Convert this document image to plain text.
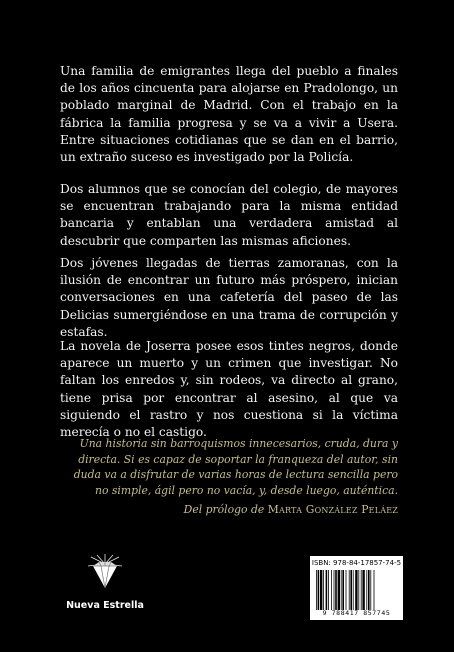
Una familia de emigrantes llega del pueblo a finales de los años cincuenta para alojarse en Pradolongo, un poblado marginal de Madrid. Con el trabajo en la fábrica la familia progresa y se va a vivir a Usera. Entre situaciones cotidianas que se dan en el barrio, un extraño suceso es investigado por la Policía.

Dos alumnos que se conocían del colegio, de mayores se encuentran trabajando para la misma entidad bancaria y entablan una verdadera amistad al descubrir que comparten las mismas aficiones.

Dos jóvenes llegadas de tierras zamoranas, con la ilusión de encontrar un futuro más próspero, inician conversaciones en una cafetería del paseo de las Delicias sumergiéndose en una trama de corrupción y estafas.

La novela de Joserra posee esos tintes negros, donde aparece un muerto y un crimen que investigar. No faltan los enredos y, sin rodeos, va directo al grano, tiene prisa por encontrar al asesino, al que va siguiendo el rastro y nos cuestiona si la víctima merecía o no el castigo.

Una historia sin barroquismos innecesarios, cruda, dura y directa. Si es capaz de soportar la franqueza del autor, sin duda va a disfrutar de varias horas de lectura sencilla pero no simple, ágil pero no vacía, y, desde luego, auténtica.

Del prólogo de Marta González Peláez

Nueva Estrella
ISBN: 978-84-17857-74-5
9 788417 857745
